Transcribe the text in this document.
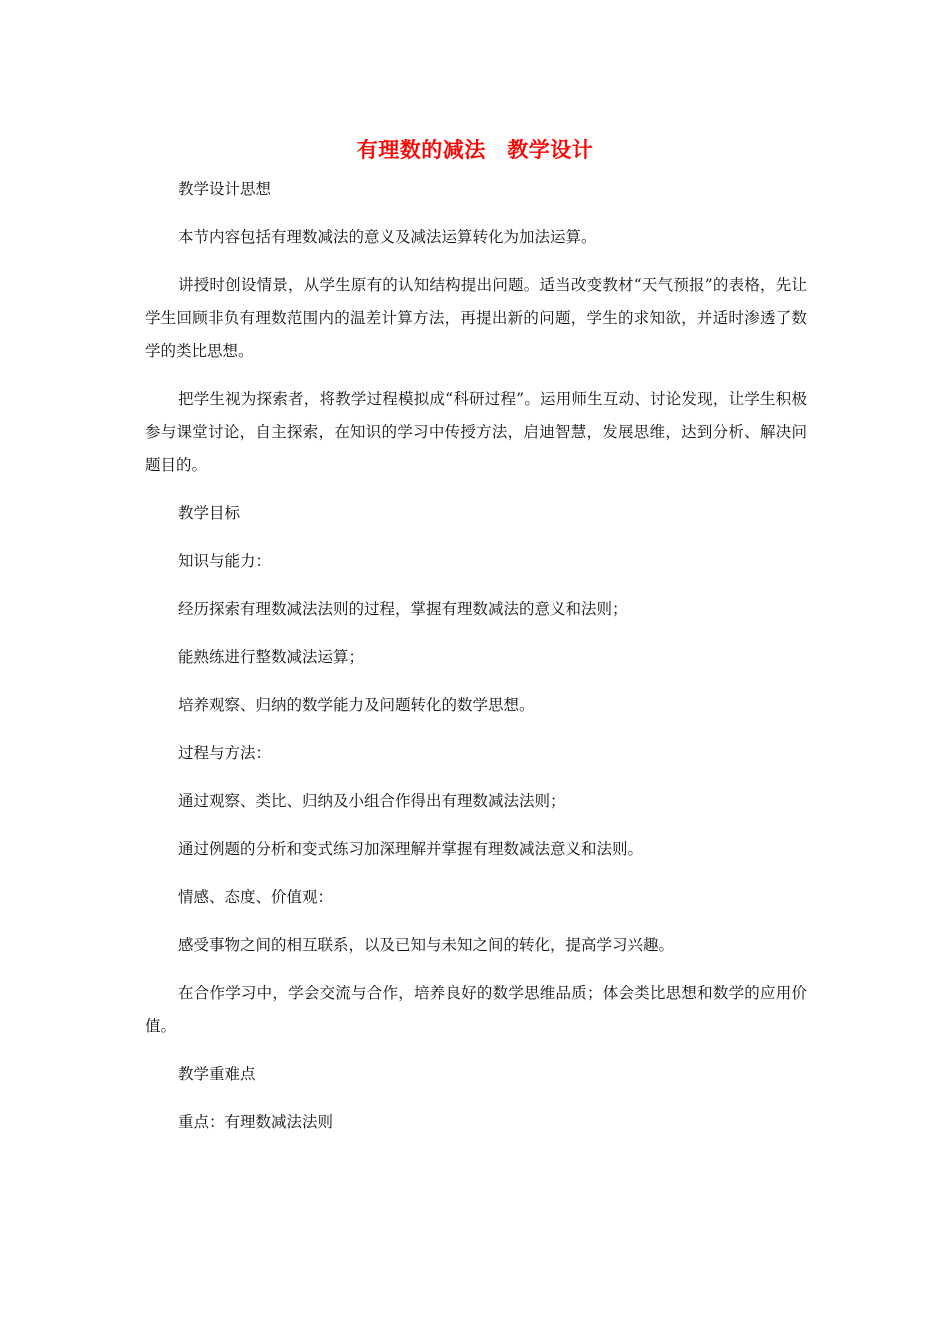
有理数的减法　教学设计

教学设计思想

本节内容包括有理数减法的意义及减法运算转化为加法运算。

讲授时创设情景，从学生原有的认知结构提出问题。适当改变教材“天气预报”的表格，先让学生回顾非负有理数范围内的温差计算方法，再提出新的问题，学生的求知欲，并适时渗透了数学的类比思想。

把学生视为探索者，将教学过程模拟成“科研过程”。运用师生互动、讨论发现，让学生积极参与课堂讨论，自主探索，在知识的学习中传授方法，启迪智慧，发展思维，达到分析、解决问题目的。

教学目标

知识与能力：

经历探索有理数减法法则的过程，掌握有理数减法的意义和法则；

能熟练进行整数减法运算；

培养观察、归纳的数学能力及问题转化的数学思想。

过程与方法：

通过观察、类比、归纳及小组合作得出有理数减法法则；

通过例题的分析和变式练习加深理解并掌握有理数减法意义和法则。

情感、态度、价值观：

感受事物之间的相互联系，以及已知与未知之间的转化，提高学习兴趣。

在合作学习中，学会交流与合作，培养良好的数学思维品质；体会类比思想和数学的应用价值。

教学重难点

重点：有理数减法法则
